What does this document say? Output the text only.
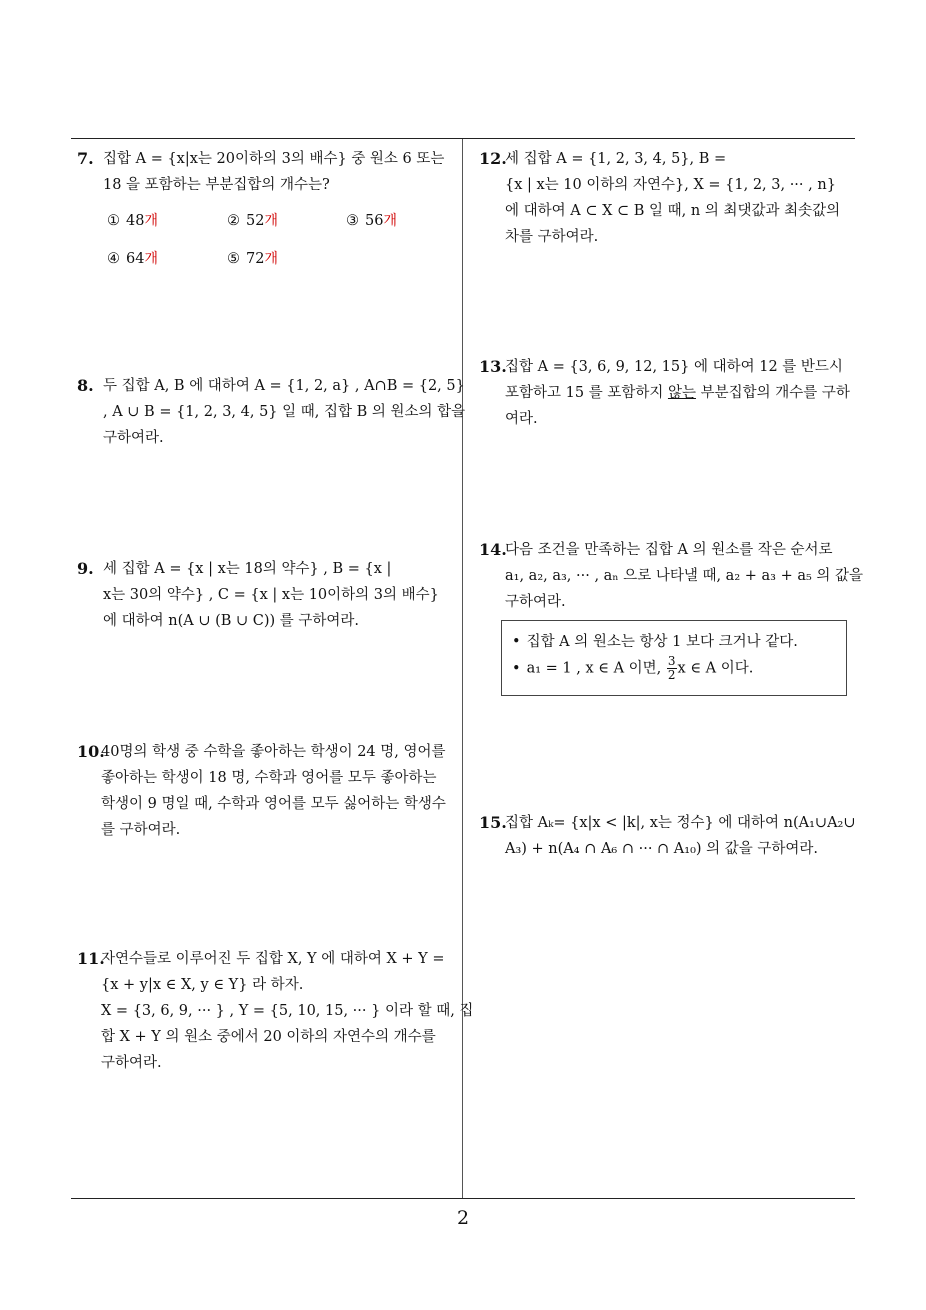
7. 집합 A = {x|x는 20이하의 3의 배수} 중 원소 6 또는
18 을 포함하는 부분집합의 개수는?
① 48개	② 52개	③ 56개
④ 64개	⑤ 72개
8. 두 집합 A, B 에 대하여 A = {1, 2, a} , A∩B = {2, 5}
, A ∪ B = {1, 2, 3, 4, 5} 일 때, 집합 B 의 원소의 합을
구하여라.
9. 세 집합 A = {x | x는 18의 약수} , B = {x |
x는 30의 약수} , C = {x | x는 10이하의 3의 배수}
에 대하여 n(A ∪ (B ∪ C)) 를 구하여라.
10.
40명의 학생 중 수학을 좋아하는 학생이 24 명, 영어를
좋아하는 학생이 18 명, 수학과 영어를 모두 좋아하는
학생이 9 명일 때, 수학과 영어를 모두 싫어하는 학생수
를 구하여라.
11.
자연수들로 이루어진 두 집합 X, Y 에 대하여 X + Y =
{x + y|x ∈ X, y ∈ Y} 라 하자.
X = {3, 6, 9, ··· } , Y = {5, 10, 15, ··· } 이라 할 때, 집
합 X + Y 의 원소 중에서 20 이하의 자연수의 개수를
구하여라.
12.
세 집합 A = {1, 2, 3, 4, 5}, B =
{x | x는 10 이하의 자연수}, X = {1, 2, 3, ··· , n}
에 대하여 A ⊂ X ⊂ B 일 때, n 의 최댓값과 최솟값의
차를 구하여라.
13.
집합 A = {3, 6, 9, 12, 15} 에 대하여 12 를 반드시
포함하고 15 를 포함하지 않는 부분집합의 개수를 구하
여라.
14.
다음 조건을 만족하는 집합 A 의 원소를 작은 순서로
a₁, a₂, a₃, ··· , aₙ 으로 나타낼 때, a₂ + a₃ + a₅ 의 값을
구하여라.
• 집합 A 의 원소는 항상 1 보다 크거나 같다.
• a₁ = 1 , x ∈ A 이면, $\frac{3}{2}$ x ∈ A 이다.
15.
집합 Aₖ= {x|x < |k|, x는 정수} 에 대하여 n(A₁∪A₂∪
A₃) + n(A₄ ∩ A₆ ∩ ··· ∩ A₁₀) 의 값을 구하여라.
2
